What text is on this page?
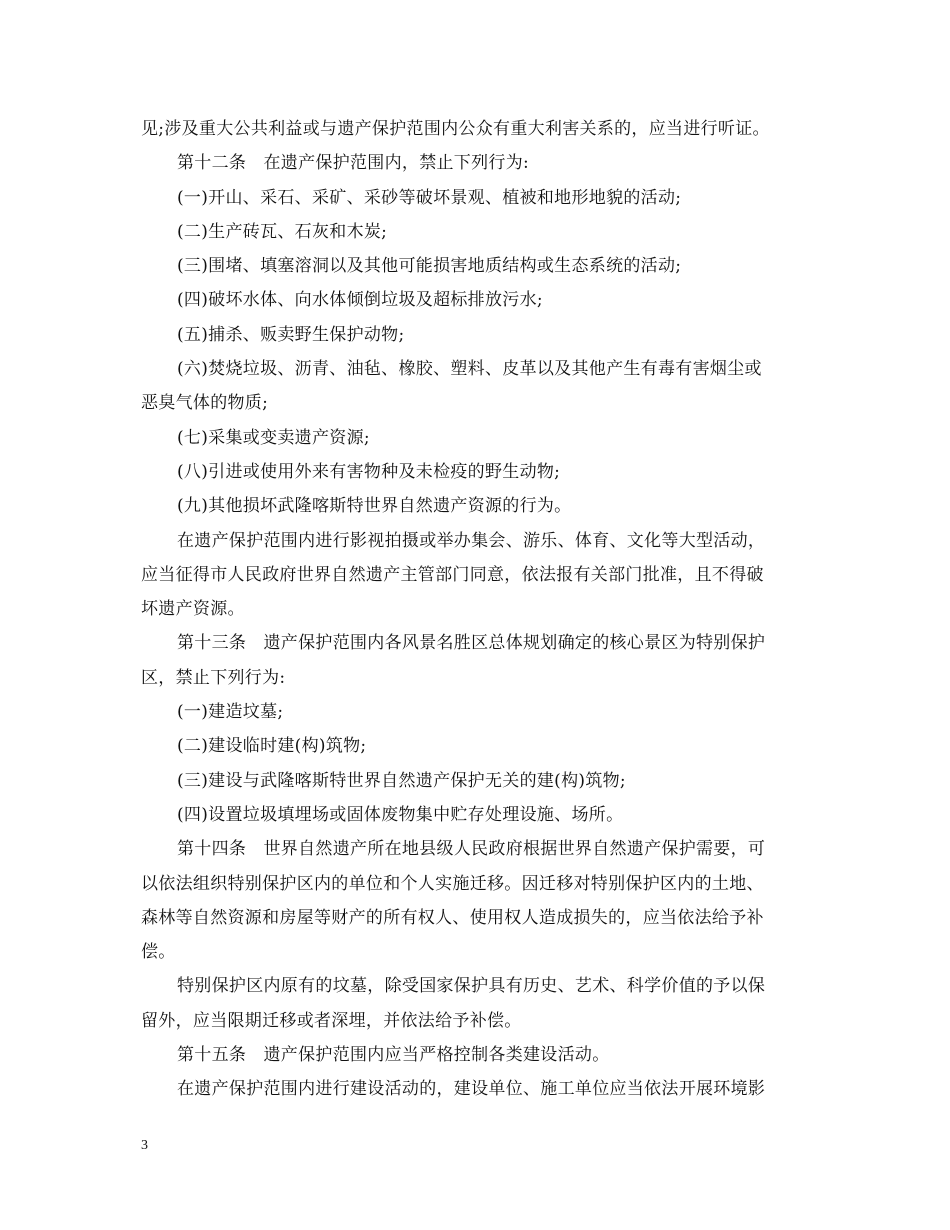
见;涉及重大公共利益或与遗产保护范围内公众有重大利害关系的，应当进行听证。
第十二条　在遗产保护范围内，禁止下列行为:
(一)开山、采石、采矿、采砂等破坏景观、植被和地形地貌的活动;
(二)生产砖瓦、石灰和木炭;
(三)围堵、填塞溶洞以及其他可能损害地质结构或生态系统的活动;
(四)破坏水体、向水体倾倒垃圾及超标排放污水;
(五)捕杀、贩卖野生保护动物;
(六)焚烧垃圾、沥青、油毡、橡胶、塑料、皮革以及其他产生有毒有害烟尘或
恶臭气体的物质;
(七)采集或变卖遗产资源;
(八)引进或使用外来有害物种及未检疫的野生动物;
(九)其他损坏武隆喀斯特世界自然遗产资源的行为。
在遗产保护范围内进行影视拍摄或举办集会、游乐、体育、文化等大型活动，
应当征得市人民政府世界自然遗产主管部门同意，依法报有关部门批准，且不得破
坏遗产资源。
第十三条　遗产保护范围内各风景名胜区总体规划确定的核心景区为特别保护
区，禁止下列行为:
(一)建造坟墓;
(二)建设临时建(构)筑物;
(三)建设与武隆喀斯特世界自然遗产保护无关的建(构)筑物;
(四)设置垃圾填埋场或固体废物集中贮存处理设施、场所。
第十四条　世界自然遗产所在地县级人民政府根据世界自然遗产保护需要，可
以依法组织特别保护区内的单位和个人实施迁移。因迁移对特别保护区内的土地、
森林等自然资源和房屋等财产的所有权人、使用权人造成损失的，应当依法给予补
偿。
特别保护区内原有的坟墓，除受国家保护具有历史、艺术、科学价值的予以保
留外，应当限期迁移或者深埋，并依法给予补偿。
第十五条　遗产保护范围内应当严格控制各类建设活动。
在遗产保护范围内进行建设活动的，建设单位、施工单位应当依法开展环境影
3
